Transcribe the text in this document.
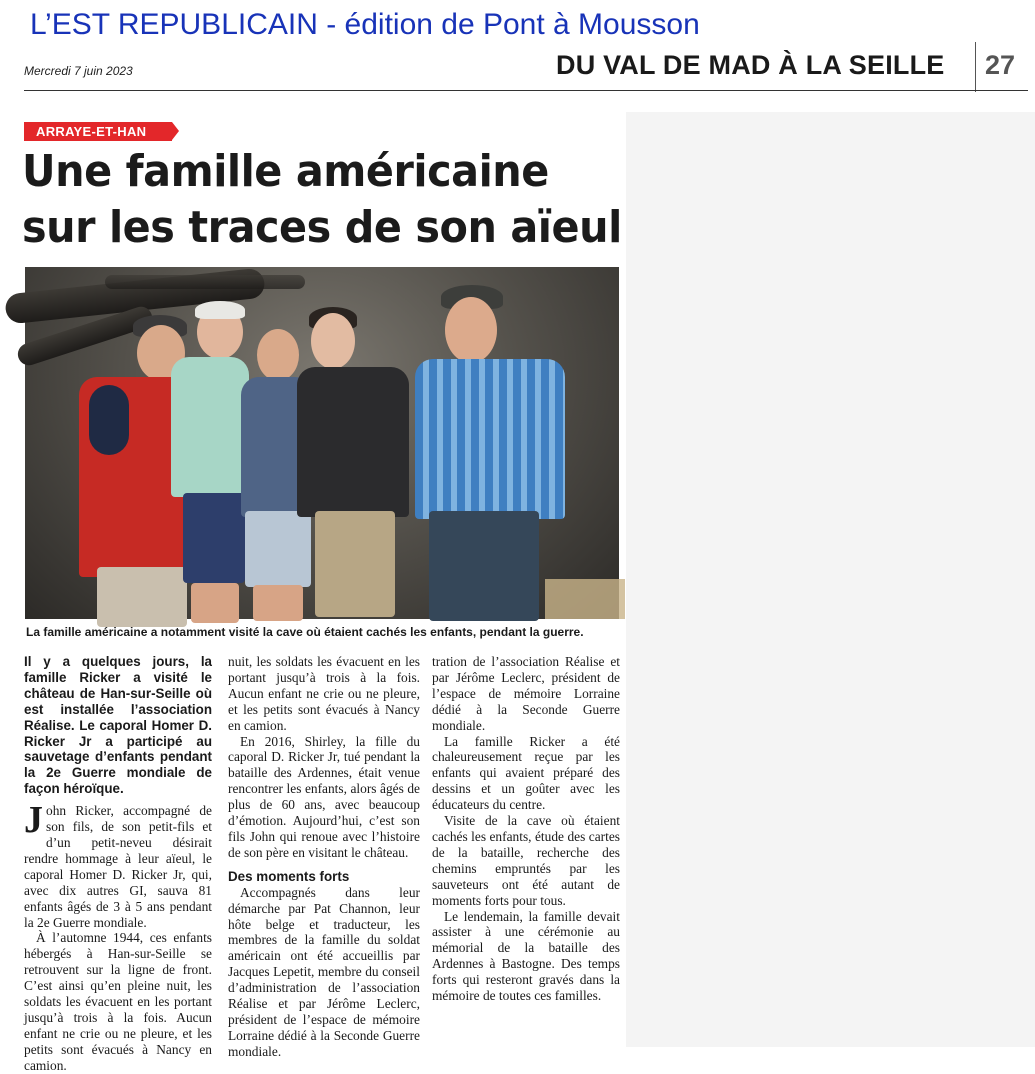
L’EST REPUBLICAIN - édition de Pont à Mousson
Mercredi 7 juin 2023	DU VAL DE MAD À LA SEILLE 27
ARRAYE-ET-HAN
Une famille américaine
sur les traces de son aïeul
La famille américaine a notamment visité la cave où étaient cachés les enfants, pendant la guerre.

Il y a quelques jours, la famille Ricker a visité le château de Han-sur-Seille où est installée l’association Réalise. Le caporal Homer D. Ricker Jr a participé au sauvetage d’enfants pendant la 2e Guerre mondiale de façon héroïque.

John Ricker, accompagné de son fils, de son petit-fils et d’un petit-neveu désirait rendre hommage à leur aïeul, le caporal Homer D. Ricker Jr, qui, avec dix autres GI, sauva 81 enfants âgés de 3 à 5 ans pendant la 2e Guerre mondiale.

À l’automne 1944, ces enfants hébergés à Han-sur-Seille se retrouvent sur la ligne de front. C’est ainsi qu’en pleine nuit, les soldats les évacuent en les portant jusqu’à trois à la fois. Aucun enfant ne crie ou ne pleure, et les petits sont évacués à Nancy en camion.

nuit, les soldats les évacuent en les portant jusqu’à trois à la fois. Aucun enfant ne crie ou ne pleure, et les petits sont évacués à Nancy en camion.

En 2016, Shirley, la fille du caporal D. Ricker Jr, tué pendant la bataille des Ardennes, était venue rencontrer les enfants, alors âgés de plus de 60 ans, avec beaucoup d’émotion. Aujourd’hui, c’est son fils John qui renoue avec l’histoire de son père en visitant le château.

Des moments forts

Accompagnés dans leur démarche par Pat Channon, leur hôte belge et traducteur, les membres de la famille du soldat américain ont été accueillis par Jacques Lepetit, membre du conseil d’administration de l’association Réalise et par Jérôme Leclerc, président de l’espace de mémoire Lorraine dédié à la Seconde Guerre mondiale.

tration de l’association Réalise et par Jérôme Leclerc, président de l’espace de mémoire Lorraine dédié à la Seconde Guerre mondiale.

La famille Ricker a été chaleureusement reçue par les enfants qui avaient préparé des dessins et un goûter avec les éducateurs du centre.

Visite de la cave où étaient cachés les enfants, étude des cartes de la bataille, recherche des chemins empruntés par les sauveteurs ont été autant de moments forts pour tous.

Le lendemain, la famille devait assister à une cérémonie au mémorial de la bataille des Ardennes à Bastogne. Des temps forts qui resteront gravés dans la mémoire de toutes ces familles.
